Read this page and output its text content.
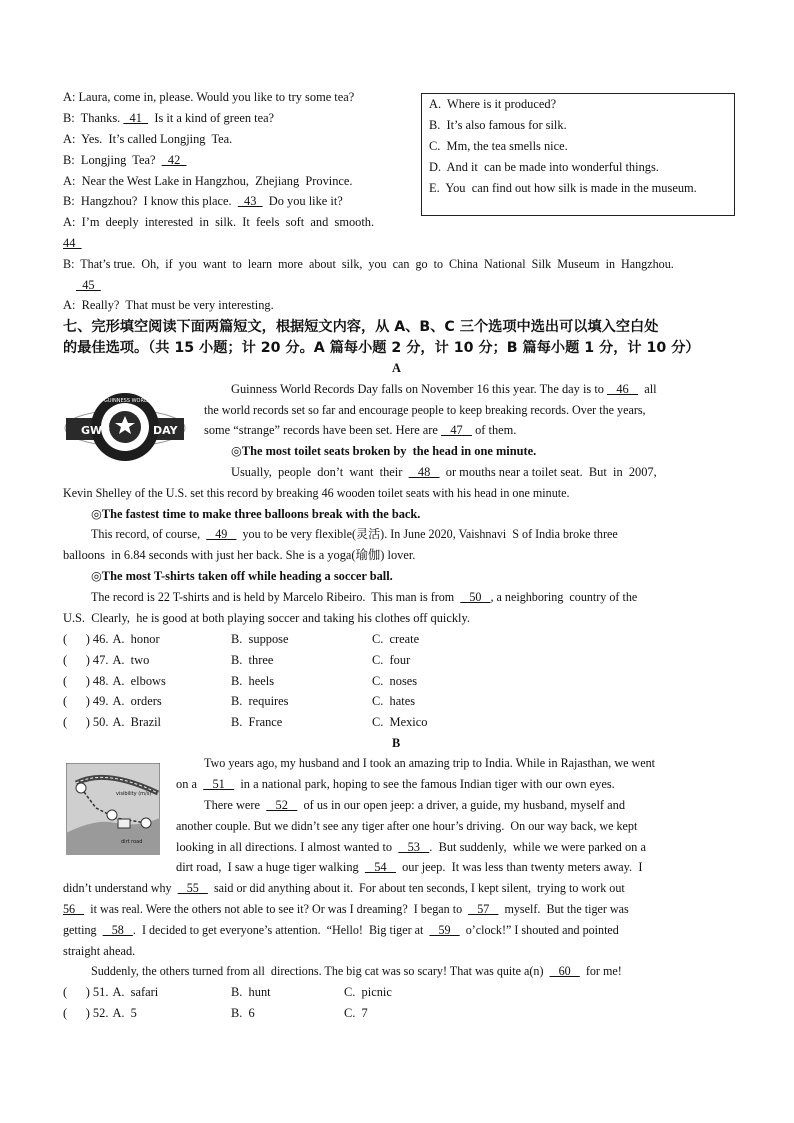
A: Laura, come in, please. Would you like to try some tea?
B:  Thanks.   41    Is it a kind of green tea?
A:  Yes.  It’s called Longjing  Tea.
B:  Longjing  Tea?    42
A:  Near the West Lake in Hangzhou,  Zhejiang  Province.
B:  Hangzhou?  I know this place.    43    Do you like it?
A:  I’m  deeply  interested  in  silk.  It  feels  soft  and  smooth.
44
B:  That’s true.  Oh,  if  you  want  to  learn  more  about  silk,  you  can  go  to  China  National  Silk  Museum  in  Hangzhou.
45
A:  Really?  That must be very interesting.
A.  Where is it produced?
B.  It’s also famous for silk.
C.  Mm, the tea smells nice.
D.  And it  can be made into wonderful things.
E.  You  can find out how silk is made in the museum.
七、完形填空阅读下面两篇短文，根据短文内容，从 A、B、C 三个选项中选出可以填入空白处
的最佳选项。（共 15 小题；计 20 分。A 篇每小题 2 分，计 10 分；B 篇每小题 1 分，计 10 分）
A
GWR	DAY
GUINNESS WORLD RECORDS
Guinness World Records Day falls on November 16 this year. The day is to    46     all
the world records set so far and encourage people to keep breaking records. Over the years,
some “strange” records have been set. Here are    47    of them.
◎The most toilet seats broken by  the head in one minute.
Usually,  people  don’t  want  their     48     or mouths near a toilet seat.  But  in  2007,
Kevin Shelley of the U.S. set this record by breaking 46 wooden toilet seats with his head in one minute.
◎The fastest time to make three balloons break with the back.
This record, of course,     49     you to be very flexible(灵活). In June 2020, Vaishnavi  S of India broke three
balloons  in 6.84 seconds with just her back. She is a yoga(瑜伽) lover.
◎The most T-shirts taken off while heading a soccer ball.
The record is 22 T-shirts and is held by Marcelo Ribeiro.  This man is from     50   , a neighboring  country of the
U.S.  Clearly,  he is good at both playing soccer and taking his clothes off quickly.
(      ) 46. A.  honor	B.  suppose	C.  create
(      ) 47. A.  two	B.  three	C.  four
(      ) 48. A.  elbows	B.  heels	C.  noses
(      ) 49. A.  orders	B.  requires	C.  hates
(      ) 50. A.  Brazil	B.  France	C.  Mexico
B
visibility (m/s)
dirt road
Two years ago, my husband and I took an amazing trip to India. While in Rajasthan, we went
on a     51     in a national park, hoping to see the famous Indian tiger with our own eyes.
There were     52     of us in our open jeep: a driver, a guide, my husband, myself and
another couple. But we didn’t see any tiger after one hour’s driving.  On our way back, we kept
looking in all directions. I almost wanted to     53   .  But suddenly,  while we were parked on a
dirt road,  I saw a huge tiger walking     54     our jeep.  It was less than twenty meters away.  I
didn’t understand why     55     said or did anything about it.  For about ten seconds, I kept silent,  trying to work out
56     it was real. Were the others not able to see it? Or was I dreaming?  I began to     57     myself.  But the tiger was
getting     58   .  I decided to get everyone’s attention.  “Hello!  Big tiger at     59     o’clock!” I shouted and pointed
straight ahead.
Suddenly, the others turned from all  directions. The big cat was so scary! That was quite a(n)     60     for me!
(      ) 51. A.  safari	B.  hunt	C.  picnic
(      ) 52. A.  5	B.  6	C.  7
